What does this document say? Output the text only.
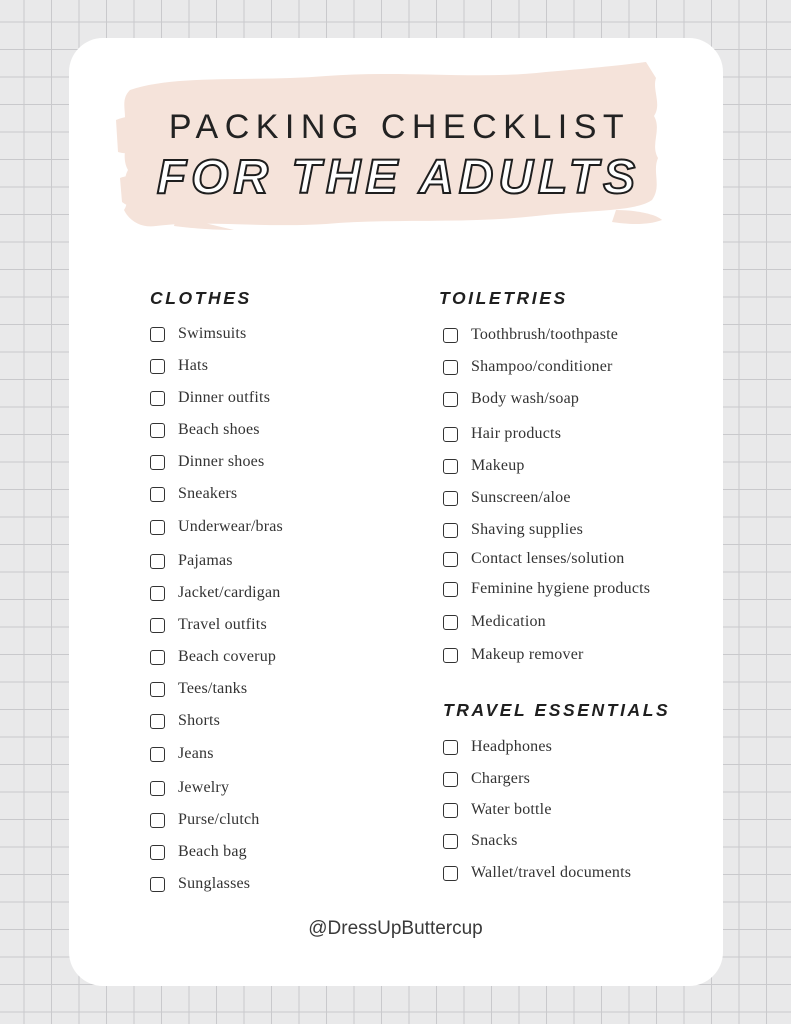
PACKING CHECKLIST
FOR THE ADULTS
CLOTHES
Swimsuits
Hats
Dinner outfits
Beach shoes
Dinner shoes
Sneakers
Underwear/bras
Pajamas
Jacket/cardigan
Travel outfits
Beach coverup
Tees/tanks
Shorts
Jeans
Jewelry
Purse/clutch
Beach bag
Sunglasses
TOILETRIES
Toothbrush/toothpaste
Shampoo/conditioner
Body wash/soap
Hair products
Makeup
Sunscreen/aloe
Shaving supplies
Contact lenses/solution
Feminine hygiene products
Medication
Makeup remover
TRAVEL ESSENTIALS
Headphones
Chargers
Water bottle
Snacks
Wallet/travel documents
@DressUpButtercup
